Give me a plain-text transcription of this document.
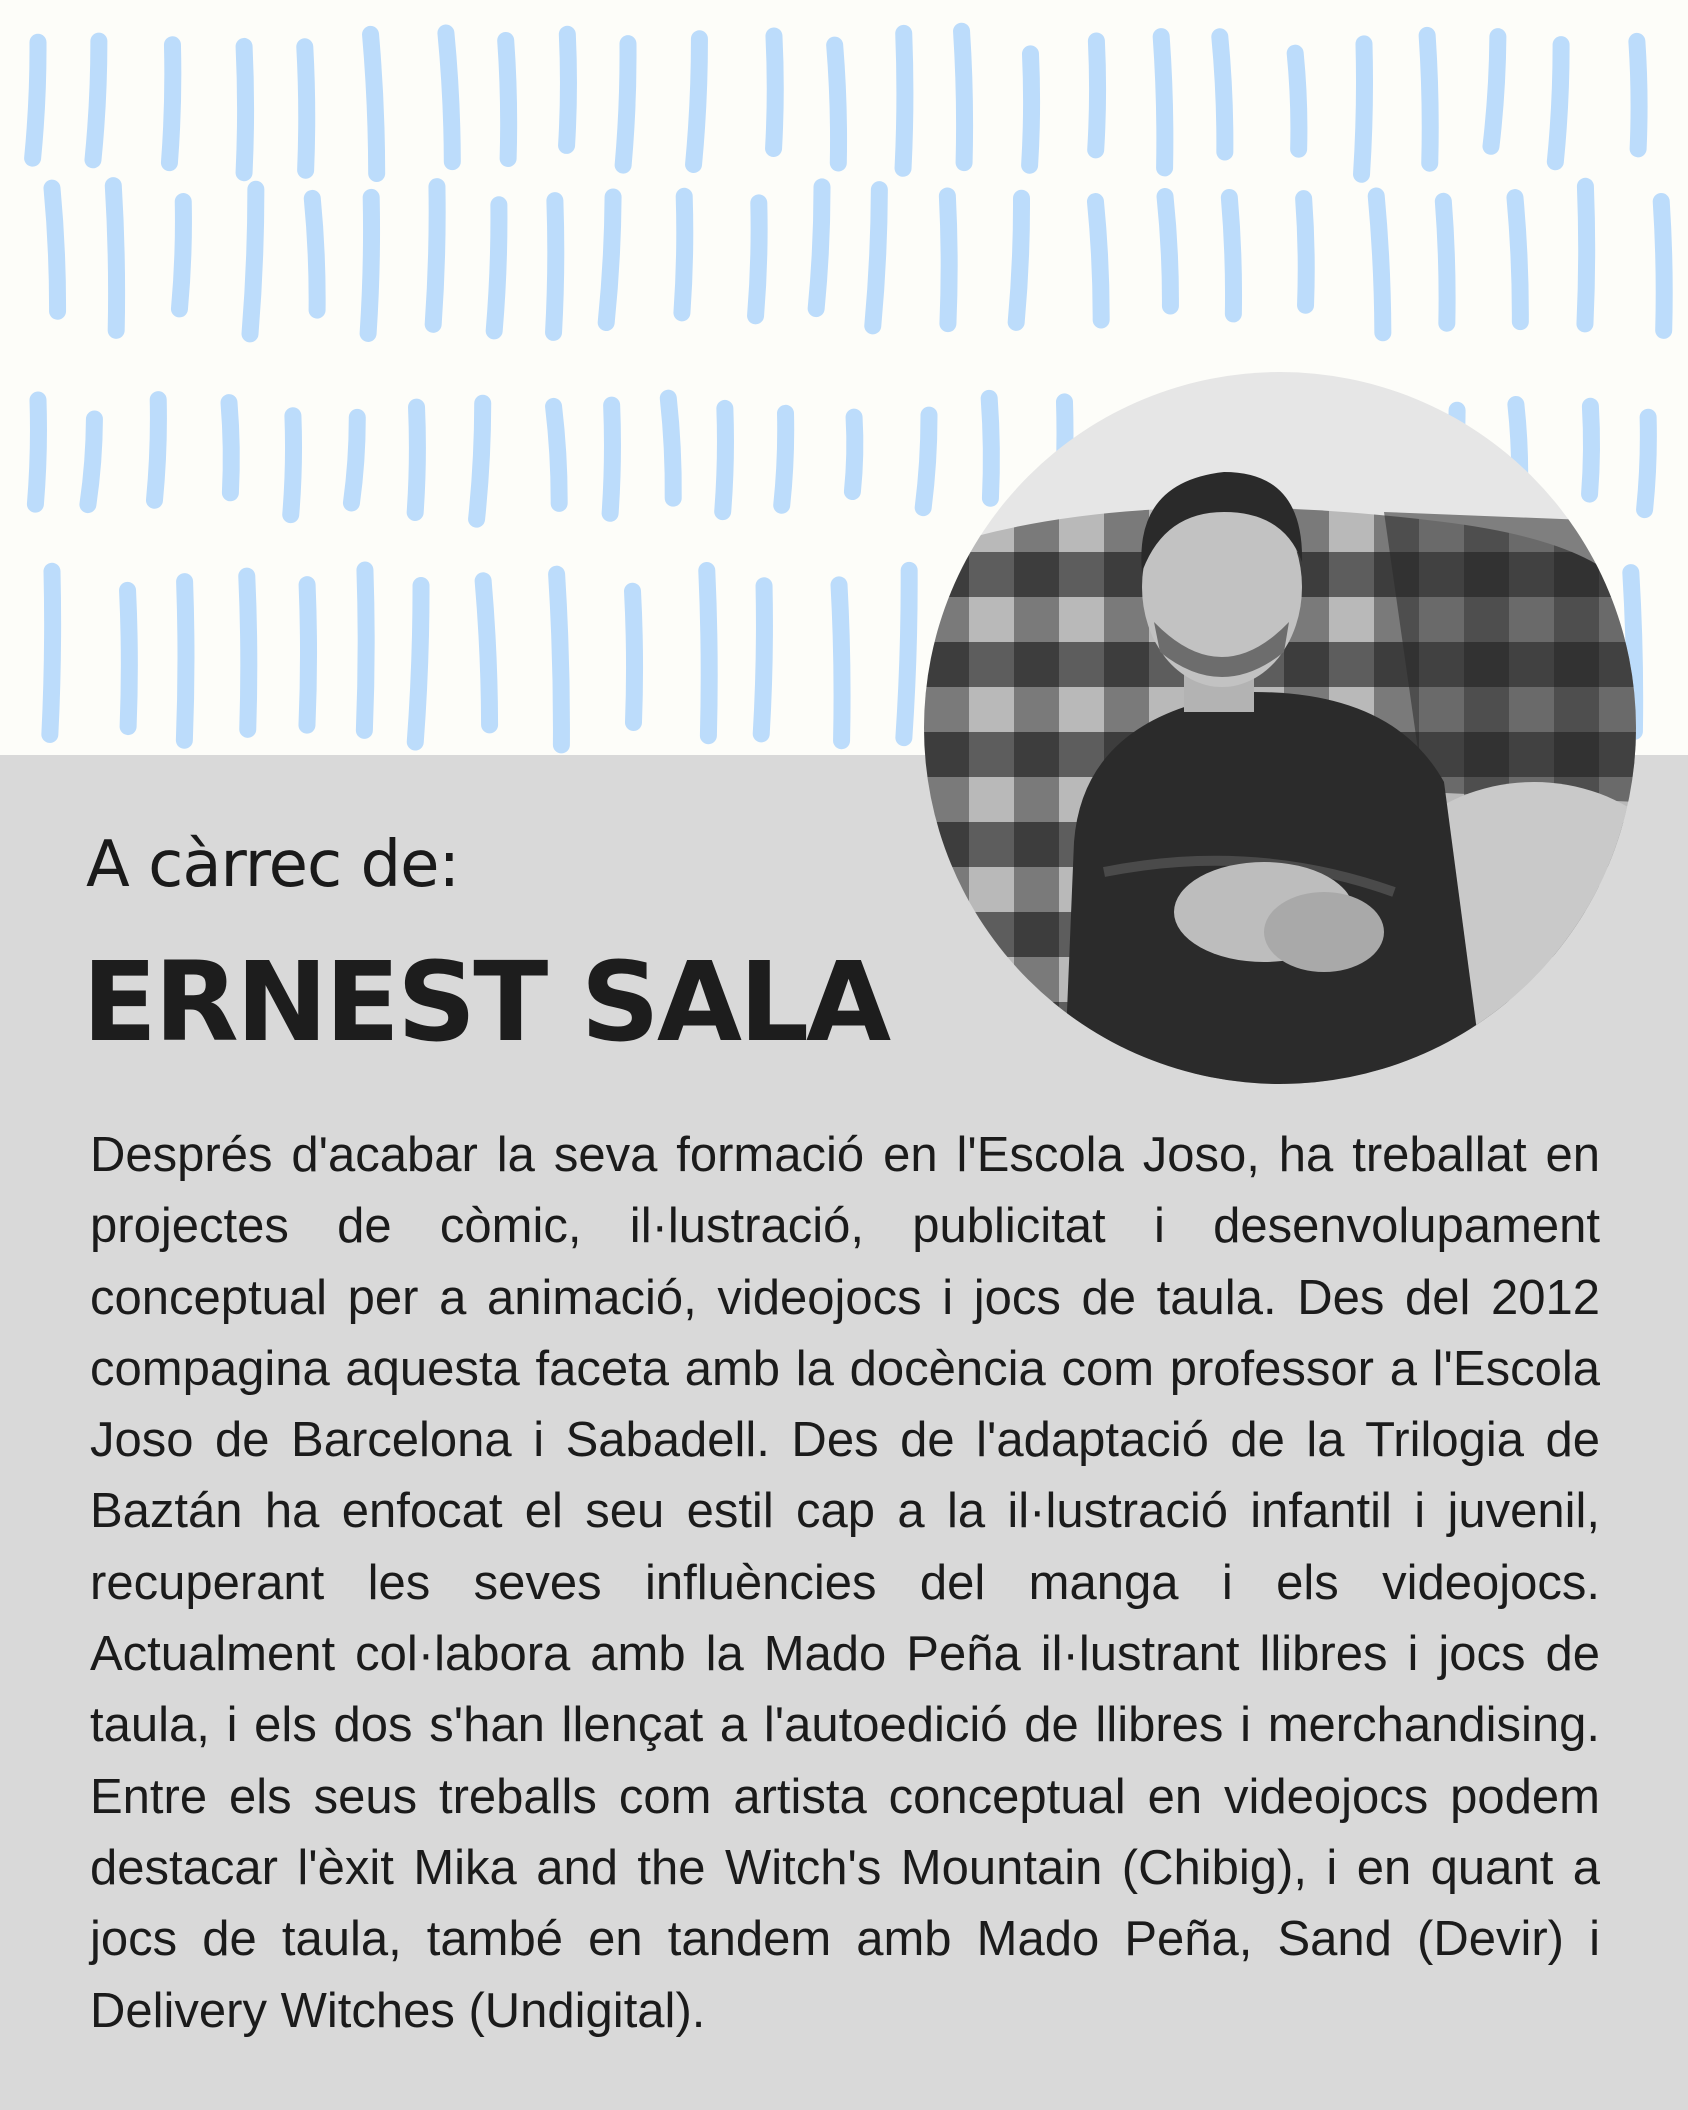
A càrrec de:
ERNEST SALA

Després d'acabar la seva formació en l'Escola Joso, ha treballat en projectes de còmic, il·lustració, publicitat i desenvolupament conceptual per a animació, videojocs i jocs de taula. Des del 2012 compagina aquesta faceta amb la docència com professor a l'Escola Joso de Barcelona i Sabadell. Des de l'adaptació de la Trilogia de Baztán ha enfocat el seu estil cap a la il·lustració infantil i juvenil, recuperant les seves influències del manga i els videojocs. Actualment col·labora amb la Mado Peña il·lustrant llibres i jocs de taula, i els dos s'han llençat a l'autoedició de llibres i merchandising. Entre els seus treballs com artista conceptual en videojocs podem destacar l'èxit Mika and the Witch's Mountain (Chibig), i en quant a jocs de taula, també en tandem amb Mado Peña, Sand (Devir) i Delivery Witches (Undigital).
